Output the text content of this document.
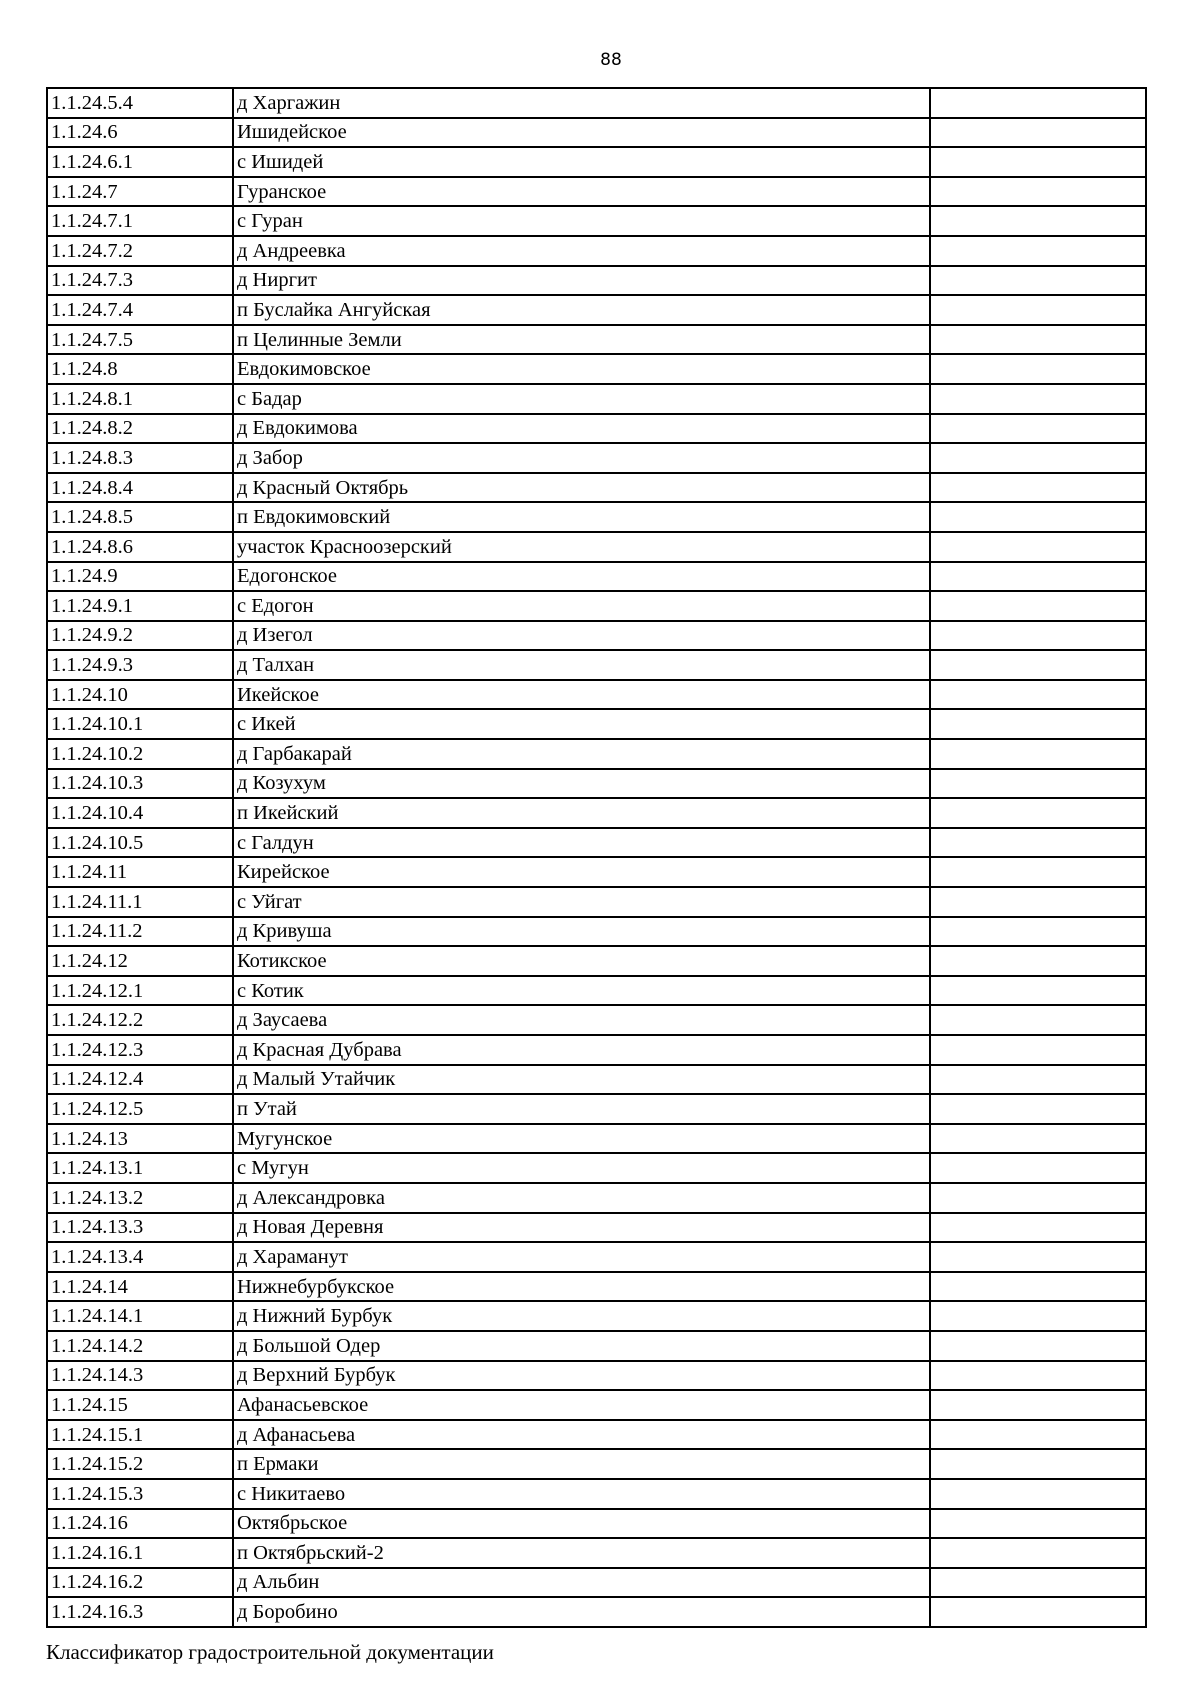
88
1.1.24.5.4	д Харгажин	
1.1.24.6	Ишидейское	
1.1.24.6.1	с Ишидей	
1.1.24.7	Гуранское	
1.1.24.7.1	с Гуран	
1.1.24.7.2	д Андреевка	
1.1.24.7.3	д Ниргит	
1.1.24.7.4	п Буслайка Ангуйская	
1.1.24.7.5	п Целинные Земли	
1.1.24.8	Евдокимовское	
1.1.24.8.1	с Бадар	
1.1.24.8.2	д Евдокимова	
1.1.24.8.3	д Забор	
1.1.24.8.4	д Красный Октябрь	
1.1.24.8.5	п Евдокимовский	
1.1.24.8.6	участок Красноозерский	
1.1.24.9	Едогонское	
1.1.24.9.1	с Едогон	
1.1.24.9.2	д Изегол	
1.1.24.9.3	д Талхан	
1.1.24.10	Икейское	
1.1.24.10.1	с Икей	
1.1.24.10.2	д Гарбакарай	
1.1.24.10.3	д Козухум	
1.1.24.10.4	п Икейский	
1.1.24.10.5	с Галдун	
1.1.24.11	Кирейское	
1.1.24.11.1	с Уйгат	
1.1.24.11.2	д Кривуша	
1.1.24.12	Котикское	
1.1.24.12.1	с Котик	
1.1.24.12.2	д Заусаева	
1.1.24.12.3	д Красная Дубрава	
1.1.24.12.4	д Малый Утайчик	
1.1.24.12.5	п Утай	
1.1.24.13	Мугунское	
1.1.24.13.1	с Мугун	
1.1.24.13.2	д Александровка	
1.1.24.13.3	д Новая Деревня	
1.1.24.13.4	д Хараманут	
1.1.24.14	Нижнебурбукское	
1.1.24.14.1	д Нижний Бурбук	
1.1.24.14.2	д Большой Одер	
1.1.24.14.3	д Верхний Бурбук	
1.1.24.15	Афанасьевское	
1.1.24.15.1	д Афанасьева	
1.1.24.15.2	п Ермаки	
1.1.24.15.3	с Никитаево	
1.1.24.16	Октябрьское	
1.1.24.16.1	п Октябрьский-2	
1.1.24.16.2	д Альбин	
1.1.24.16.3	д Боробино	
Классификатор градостроительной документации
